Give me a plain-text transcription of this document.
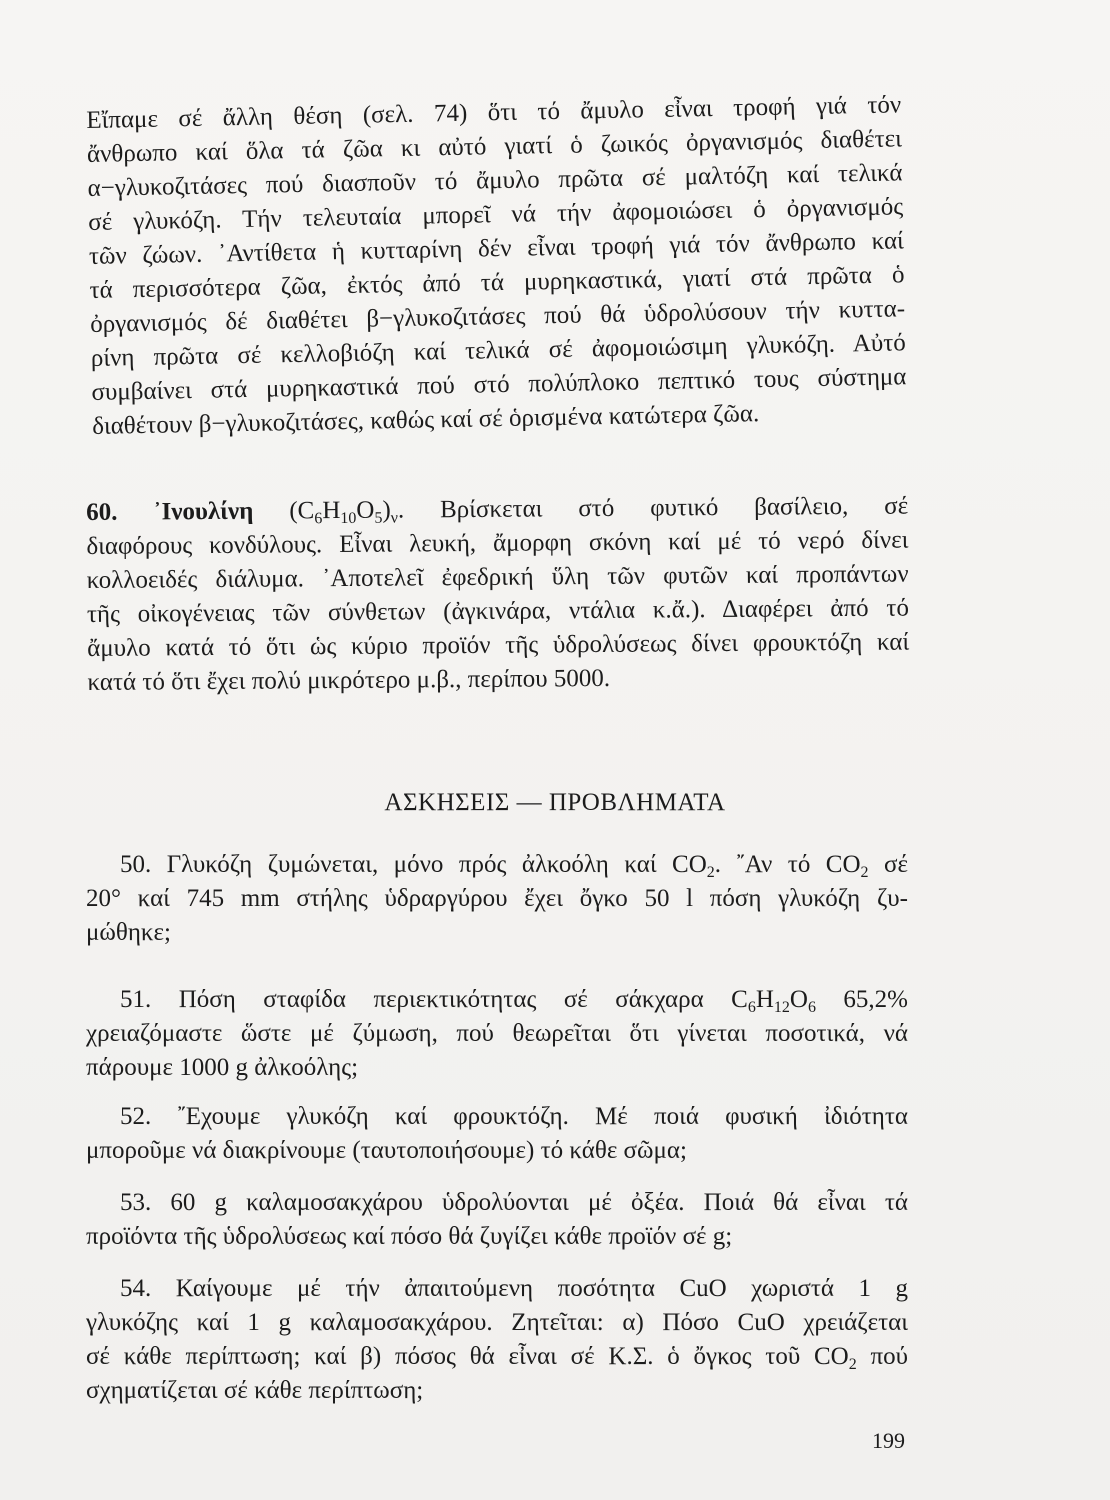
Εἴπαμε σέ ἄλλη θέση (σελ. 74) ὅτι τό ἄμυλο εἶναι τροφή γιά τόν
ἄνθρωπο καί ὅλα τά ζῶα κι αὐτό γιατί ὁ ζωικός ὀργανισμός διαθέτει
α−γλυκοζιτάσες πού διασποῦν τό ἄμυλο πρῶτα σέ μαλτόζη καί τελικά
σέ γλυκόζη. Τήν τελευταία μπορεῖ νά τήν ἀφομοιώσει ὁ ὀργανισμός
τῶν ζώων. ᾽Αντίθετα ἡ κυτταρίνη δέν εἶναι τροφή γιά τόν ἄνθρωπο καί
τά περισσότερα ζῶα, ἐκτός ἀπό τά μυρηκαστικά, γιατί στά πρῶτα ὁ
ὀργανισμός δέ διαθέτει β−γλυκοζιτάσες πού θά ὑδρολύσουν τήν κυττα-
ρίνη πρῶτα σέ κελλοβιόζη καί τελικά σέ ἀφομοιώσιμη γλυκόζη. Αὐτό
συμβαίνει στά μυρηκαστικά πού στό πολύπλοκο πεπτικό τους σύστημα
διαθέτουν β−γλυκοζιτάσες, καθώς καί σέ ὁρισμένα κατώτερα ζῶα.

60. ᾽Ινουλίνη $(C_6H_{10}O_5)_\nu$. Βρίσκεται στό φυτικό βασίλειο, σέ
διαφόρους κονδύλους. Εἶναι λευκή, ἄμορφη σκόνη καί μέ τό νερό δίνει
κολλοειδές διάλυμα. ᾽Αποτελεῖ ἐφεδρική ὕλη τῶν φυτῶν καί προπάντων
τῆς οἰκογένειας τῶν σύνθετων (ἀγκινάρα, ντάλια κ.ἄ.). Διαφέρει ἀπό τό
ἄμυλο κατά τό ὅτι ὡς κύριο προϊόν τῆς ὑδρολύσεως δίνει φρουκτόζη καί
κατά τό ὅτι ἔχει πολύ μικρότερο μ.β., περίπου 5000.

ΑΣΚΗΣΕΙΣ — ΠΡΟΒΛΗΜΑΤΑ

50. Γλυκόζη ζυμώνεται, μόνο πρός ἀλκοόλη καί $CO_2$. ῎Αν τό $CO_2$ σέ
20° καί 745 mm στήλης ὑδραργύρου ἔχει ὄγκο 50 l πόση γλυκόζη ζυ-
μώθηκε;

51. Πόση σταφίδα περιεκτικότητας σέ σάκχαρα $C_6H_{12}O_6$ 65,2%
χρειαζόμαστε ὥστε μέ ζύμωση, πού θεωρεῖται ὅτι γίνεται ποσοτικά, νά
πάρουμε 1000 g ἀλκοόλης;

52. ῎Εχουμε γλυκόζη καί φρουκτόζη. Μέ ποιά φυσική ἰδιότητα
μποροῦμε νά διακρίνουμε (ταυτοποιήσουμε) τό κάθε σῶμα;

53. 60 g καλαμοσακχάρου ὑδρολύονται μέ ὀξέα. Ποιά θά εἶναι τά
προϊόντα τῆς ὑδρολύσεως καί πόσο θά ζυγίζει κάθε προϊόν σέ g;

54. Καίγουμε μέ τήν ἀπαιτούμενη ποσότητα CuO χωριστά 1 g
γλυκόζης καί 1 g καλαμοσακχάρου. Ζητεῖται: α) Πόσο CuO χρειάζεται
σέ κάθε περίπτωση; καί β) πόσος θά εἶναι σέ Κ.Σ. ὁ ὄγκος τοῦ $CO_2$ πού
σχηματίζεται σέ κάθε περίπτωση;

199
